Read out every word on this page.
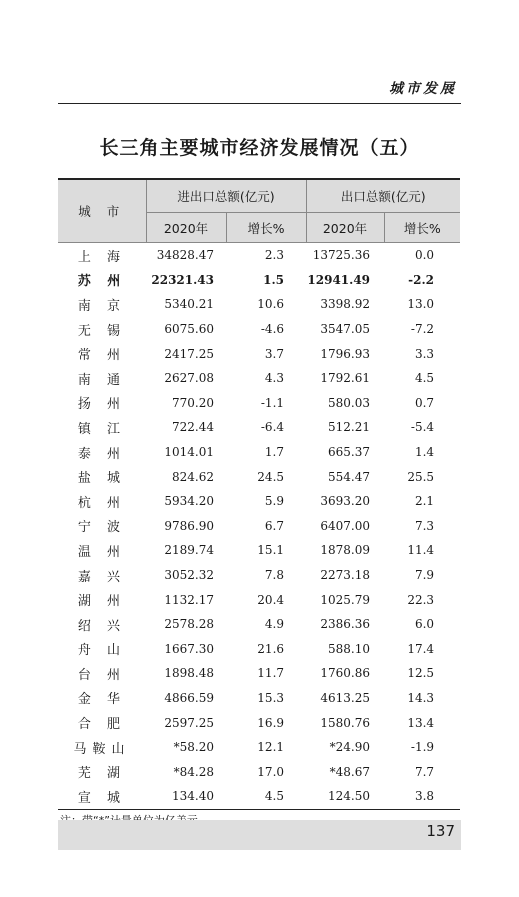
城市发展
长三角主要城市经济发展情况（五）
城 市	进出口总额(亿元)		出口总额(亿元)	
	2020年	增长%	2020年	增长%
上 海	34828.47	2.3	13725.36	0.0
苏 州	22321.43	1.5	12941.49	-2.2
南 京	5340.21	10.6	3398.92	13.0
无 锡	6075.60	-4.6	3547.05	-7.2
常 州	2417.25	3.7	1796.93	3.3
南 通	2627.08	4.3	1792.61	4.5
扬 州	770.20	-1.1	580.03	0.7
镇 江	722.44	-6.4	512.21	-5.4
泰 州	1014.01	1.7	665.37	1.4
盐 城	824.62	24.5	554.47	25.5
杭 州	5934.20	5.9	3693.20	2.1
宁 波	9786.90	6.7	6407.00	7.3
温 州	2189.74	15.1	1878.09	11.4
嘉 兴	3052.32	7.8	2273.18	7.9
湖 州	1132.17	20.4	1025.79	22.3
绍 兴	2578.28	4.9	2386.36	6.0
舟 山	1667.30	21.6	588.10	17.4
台 州	1898.48	11.7	1760.86	12.5
金 华	4866.59	15.3	4613.25	14.3
合 肥	2597.25	16.9	1580.76	13.4
马鞍山	*58.20	12.1	*24.90	-1.9
芜 湖	*84.28	17.0	*48.67	7.7
宣 城	134.40	4.5	124.50	3.8
137
